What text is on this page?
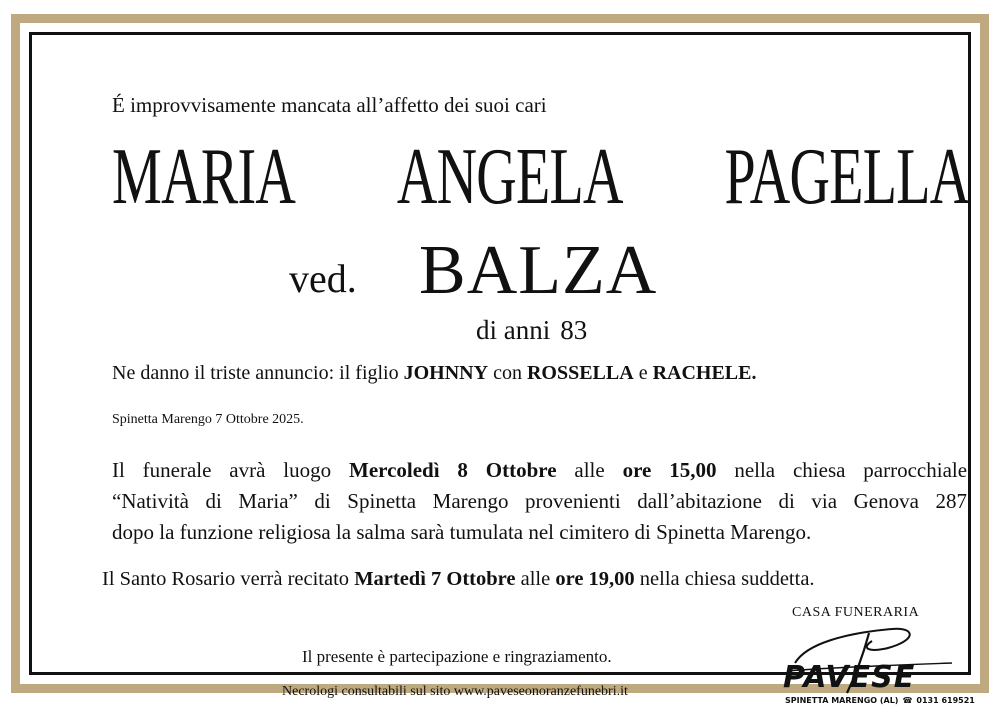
É improvvisamente mancata all’affetto dei suoi cari
MARIA ANGELA PAGELLA
ved. BALZA
di anni 83
Ne danno il triste annuncio: il figlio JOHNNY con ROSSELLA e RACHELE.
Spinetta Marengo 7 Ottobre 2025.
Il funerale avrà luogo Mercoledì 8 Ottobre alle ore 15,00 nella chiesa parrocchiale
“Natività di Maria” di Spinetta Marengo provenienti dall’abitazione di via Genova 287
dopo la funzione religiosa la salma sarà tumulata nel cimitero di Spinetta Marengo.
Il Santo Rosario verrà recitato Martedì 7 Ottobre alle ore 19,00 nella chiesa suddetta.
Il presente è partecipazione e ringraziamento.
Necrologi consultabili sul sito www.paveseonoranzefunebri.it
CASA FUNERARIA
PAVESE
SPINETTA MARENGO (AL) ☎ 0131 619521
